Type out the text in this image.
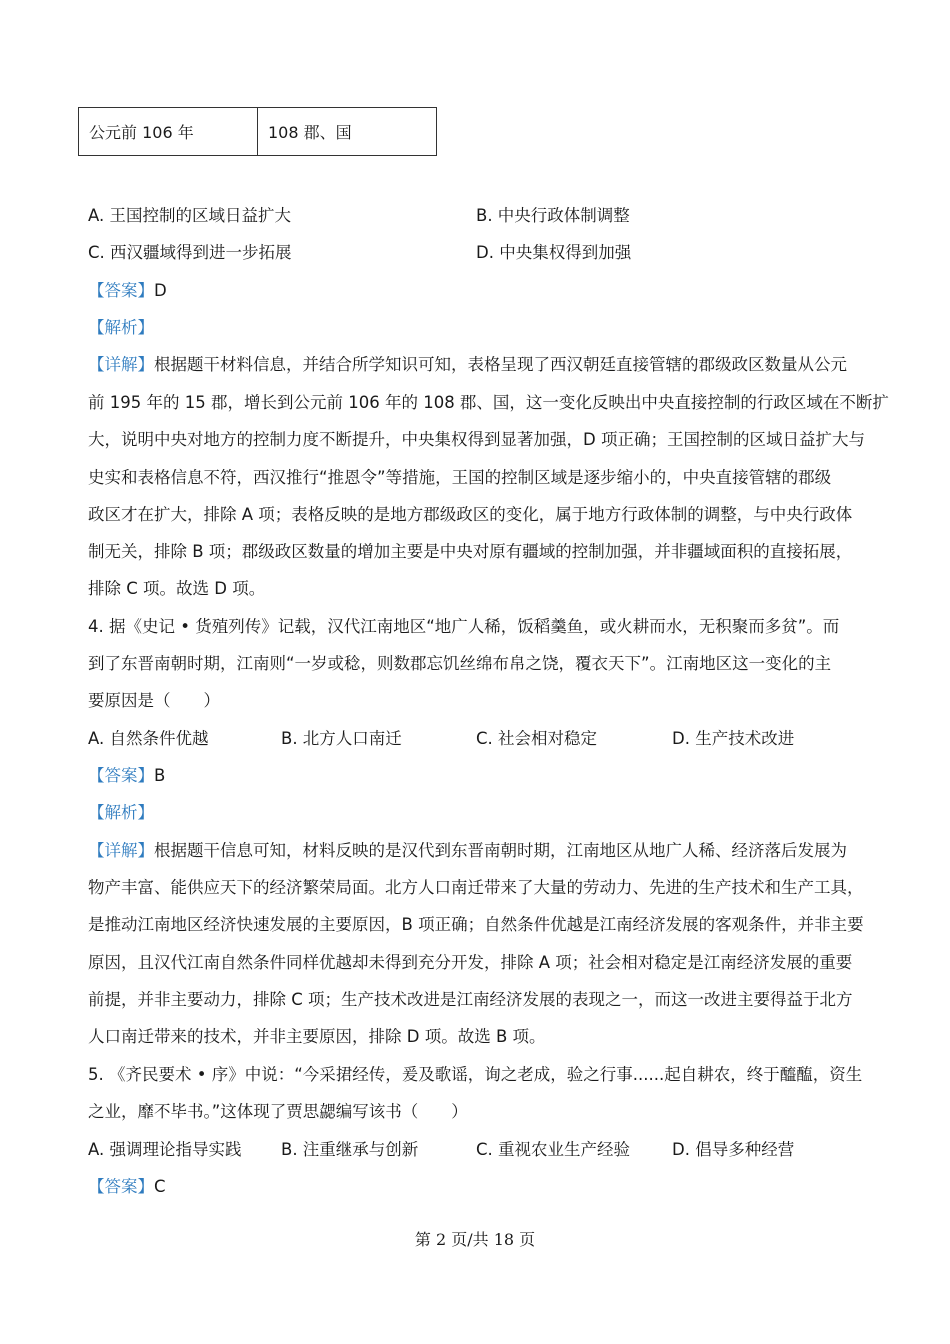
公元前 106 年	108 郡、国
A. 王国控制的区域日益扩大	B. 中央行政体制调整
C. 西汉疆域得到进一步拓展	D. 中央集权得到加强
【答案】D
【解析】
【详解】根据题干材料信息，并结合所学知识可知，表格呈现了西汉朝廷直接管辖的郡级政区数量从公元
前 195 年的 15 郡，增长到公元前 106 年的 108 郡、国，这一变化反映出中央直接控制的行政区域在不断扩
大，说明中央对地方的控制力度不断提升，中央集权得到显著加强，D 项正确；王国控制的区域日益扩大与
史实和表格信息不符，西汉推行“推恩令”等措施，王国的控制区域是逐步缩小的，中央直接管辖的郡级
政区才在扩大，排除 A 项；表格反映的是地方郡级政区的变化，属于地方行政体制的调整，与中央行政体
制无关，排除 B 项；郡级政区数量的增加主要是中央对原有疆域的控制加强，并非疆域面积的直接拓展，
排除 C 项。故选 D 项。
4. 据《史记 • 货殖列传》记载，汉代江南地区“地广人稀，饭稻羹鱼，或火耕而水，无积聚而多贫”。而
到了东晋南朝时期，江南则“一岁或稔，则数郡忘饥丝绵布帛之饶，覆衣天下”。江南地区这一变化的主
要原因是（　　）
A. 自然条件优越	B. 北方人口南迁	C. 社会相对稳定	D. 生产技术改进
【答案】B
【解析】
【详解】根据题干信息可知，材料反映的是汉代到东晋南朝时期，江南地区从地广人稀、经济落后发展为
物产丰富、能供应天下的经济繁荣局面。北方人口南迁带来了大量的劳动力、先进的生产技术和生产工具，
是推动江南地区经济快速发展的主要原因，B 项正确；自然条件优越是江南经济发展的客观条件，并非主要
原因，且汉代江南自然条件同样优越却未得到充分开发，排除 A 项；社会相对稳定是江南经济发展的重要
前提，并非主要动力，排除 C 项；生产技术改进是江南经济发展的表现之一，而这一改进主要得益于北方
人口南迁带来的技术，并非主要原因，排除 D 项。故选 B 项。
5. 《齐民要术 • 序》中说：“今采捃经传，爰及歌谣，询之老成，验之行事......起自耕农，终于醯醢，资生
之业，靡不毕书。”这体现了贾思勰编写该书（　　）
A. 强调理论指导实践 B. 注重继承与创新	C. 重视农业生产经验	D. 倡导多种经营
【答案】C
第 2 页/共 18 页
